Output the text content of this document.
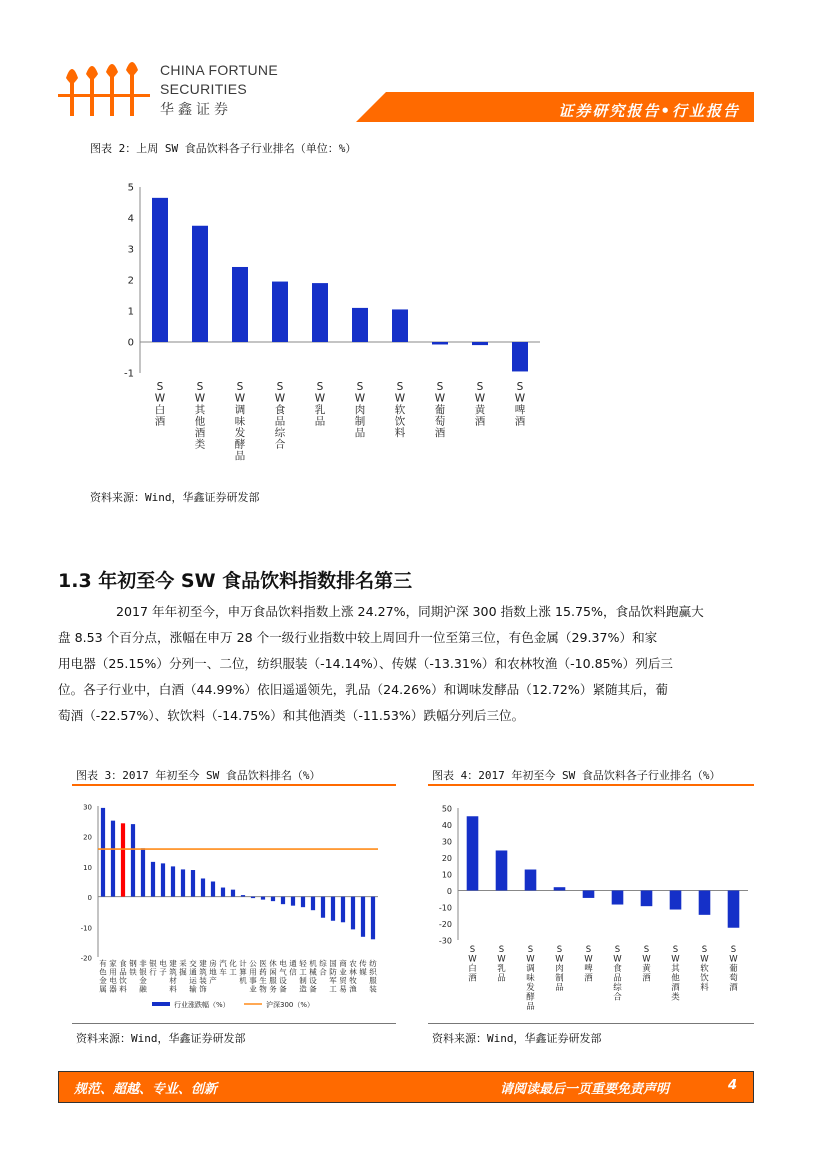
CHINA FORTUNE
SECURITIES
华鑫证券	证券研究报告•行业报告
图表 2：上周 SW 食品饮料各子行业排名（单位：%）
5
4
3
2
1
0
-1
S W 白酒
S W 其他酒类
S W 调味发酵品
S W 食品综合
S W 乳品
S W 肉制品
S W 软饮料
S W 葡萄酒
S W 黄酒
S W 啤酒
资料来源：Wind，华鑫证券研发部
1.3 年初至今 SW 食品饮料指数排名第三
2017 年年初至今，申万食品饮料指数上涨 24.27%，同期沪深 300 指数上涨 15.75%，食品饮料跑赢大
盘 8.53 个百分点，涨幅在申万 28 个一级行业指数中较上周回升一位至第三位，有色金属（29.37%）和家
用电器（25.15%）分列一、二位，纺织服装（-14.14%）、传媒（-13.31%）和农林牧渔（-10.85%）列后三
位。各子行业中，白酒（44.99%）依旧遥遥领先，乳品（24.26%）和调味发酵品（12.72%）紧随其后，葡
萄酒（-22.57%）、软饮料（-14.75%）和其他酒类（-11.53%）跌幅分列后三位。
图表 3：2017 年初至今 SW 食品饮料排名（%）
30
20
10
0
-10
-20
有色金属
家用电器
食品饮料
钢铁
非银金融
银行
电子
建筑材料
采掘
交通运输
建筑装饰
房地产
汽车
化工
计算机
公用事业
医药生物
休闲服务
电气设备
通信
轻工制造
机械设备
综合
国防军工
商业贸易
农林牧渔
传媒
纺织服装
行业涨跌幅（%）	沪深300（%）
资料来源：Wind，华鑫证券研发部
图表 4：2017 年初至今 SW 食品饮料各子行业排名（%）
50
40
30
20
10
0
-10
-20
-30
S W 白酒
S W 乳品
S W 调味发酵品
S W 肉制品
S W 啤酒
S W 食品综合
S W 黄酒
S W 其他酒类
S W 软饮料
S W 葡萄酒
资料来源：Wind，华鑫证券研发部
规范、超越、专业、创新	请阅读最后一页重要免责声明	4
